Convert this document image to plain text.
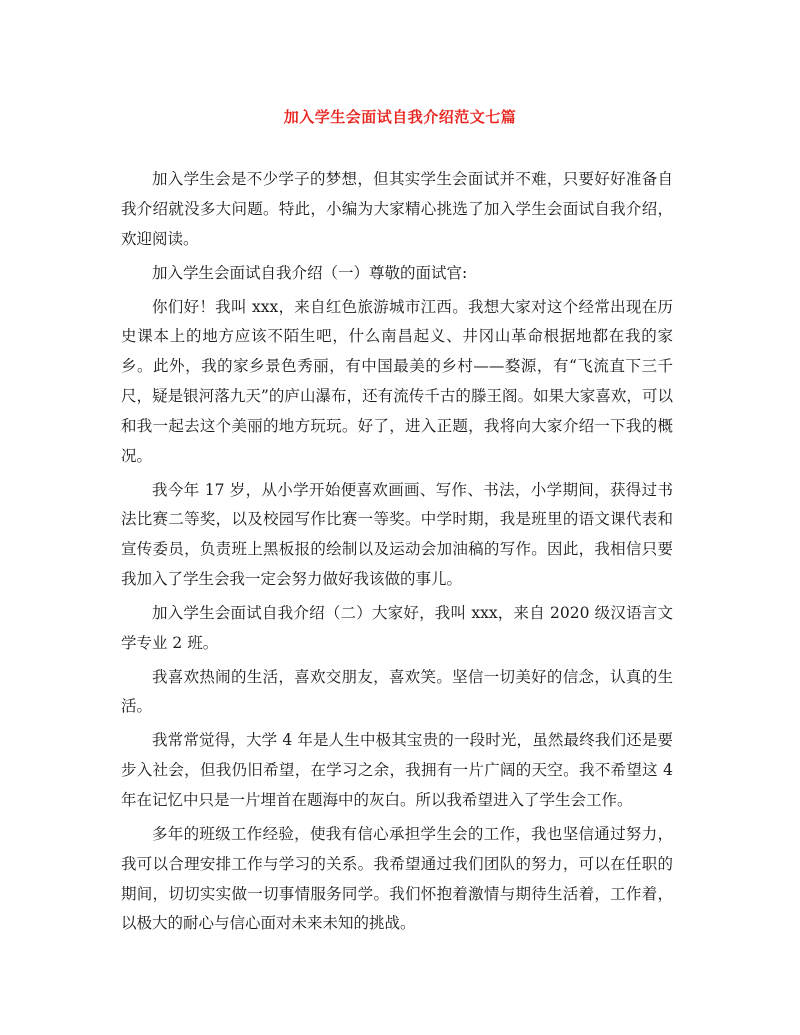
加入学生会面试自我介绍范文七篇

加入学生会是不少学子的梦想，但其实学生会面试并不难，只要好好准备自我介绍就没多大问题。特此，小编为大家精心挑选了加入学生会面试自我介绍，欢迎阅读。

加入学生会面试自我介绍（一）尊敬的面试官:

你们好！我叫 xxx，来自红色旅游城市江西。我想大家对这个经常出现在历史课本上的地方应该不陌生吧，什么南昌起义、井冈山革命根据地都在我的家乡。此外，我的家乡景色秀丽，有中国最美的乡村——婺源，有“飞流直下三千尺，疑是银河落九天”的庐山瀑布，还有流传千古的滕王阁。如果大家喜欢，可以和我一起去这个美丽的地方玩玩。好了，进入正题，我将向大家介绍一下我的概况。

我今年 17 岁，从小学开始便喜欢画画、写作、书法，小学期间，获得过书法比赛二等奖，以及校园写作比赛一等奖。中学时期，我是班里的语文课代表和宣传委员，负责班上黑板报的绘制以及运动会加油稿的写作。因此，我相信只要我加入了学生会我一定会努力做好我该做的事儿。

加入学生会面试自我介绍（二）大家好，我叫 xxx，来自 2020 级汉语言文学专业 2 班。

我喜欢热闹的生活，喜欢交朋友，喜欢笑。坚信一切美好的信念，认真的生活。

我常常觉得，大学 4 年是人生中极其宝贵的一段时光，虽然最终我们还是要步入社会，但我仍旧希望，在学习之余，我拥有一片广阔的天空。我不希望这 4 年在记忆中只是一片埋首在题海中的灰白。所以我希望进入了学生会工作。

多年的班级工作经验，使我有信心承担学生会的工作，我也坚信通过努力，我可以合理安排工作与学习的关系。我希望通过我们团队的努力，可以在任职的期间，切切实实做一切事情服务同学。我们怀抱着激情与期待生活着，工作着，以极大的耐心与信心面对未来未知的挑战。
